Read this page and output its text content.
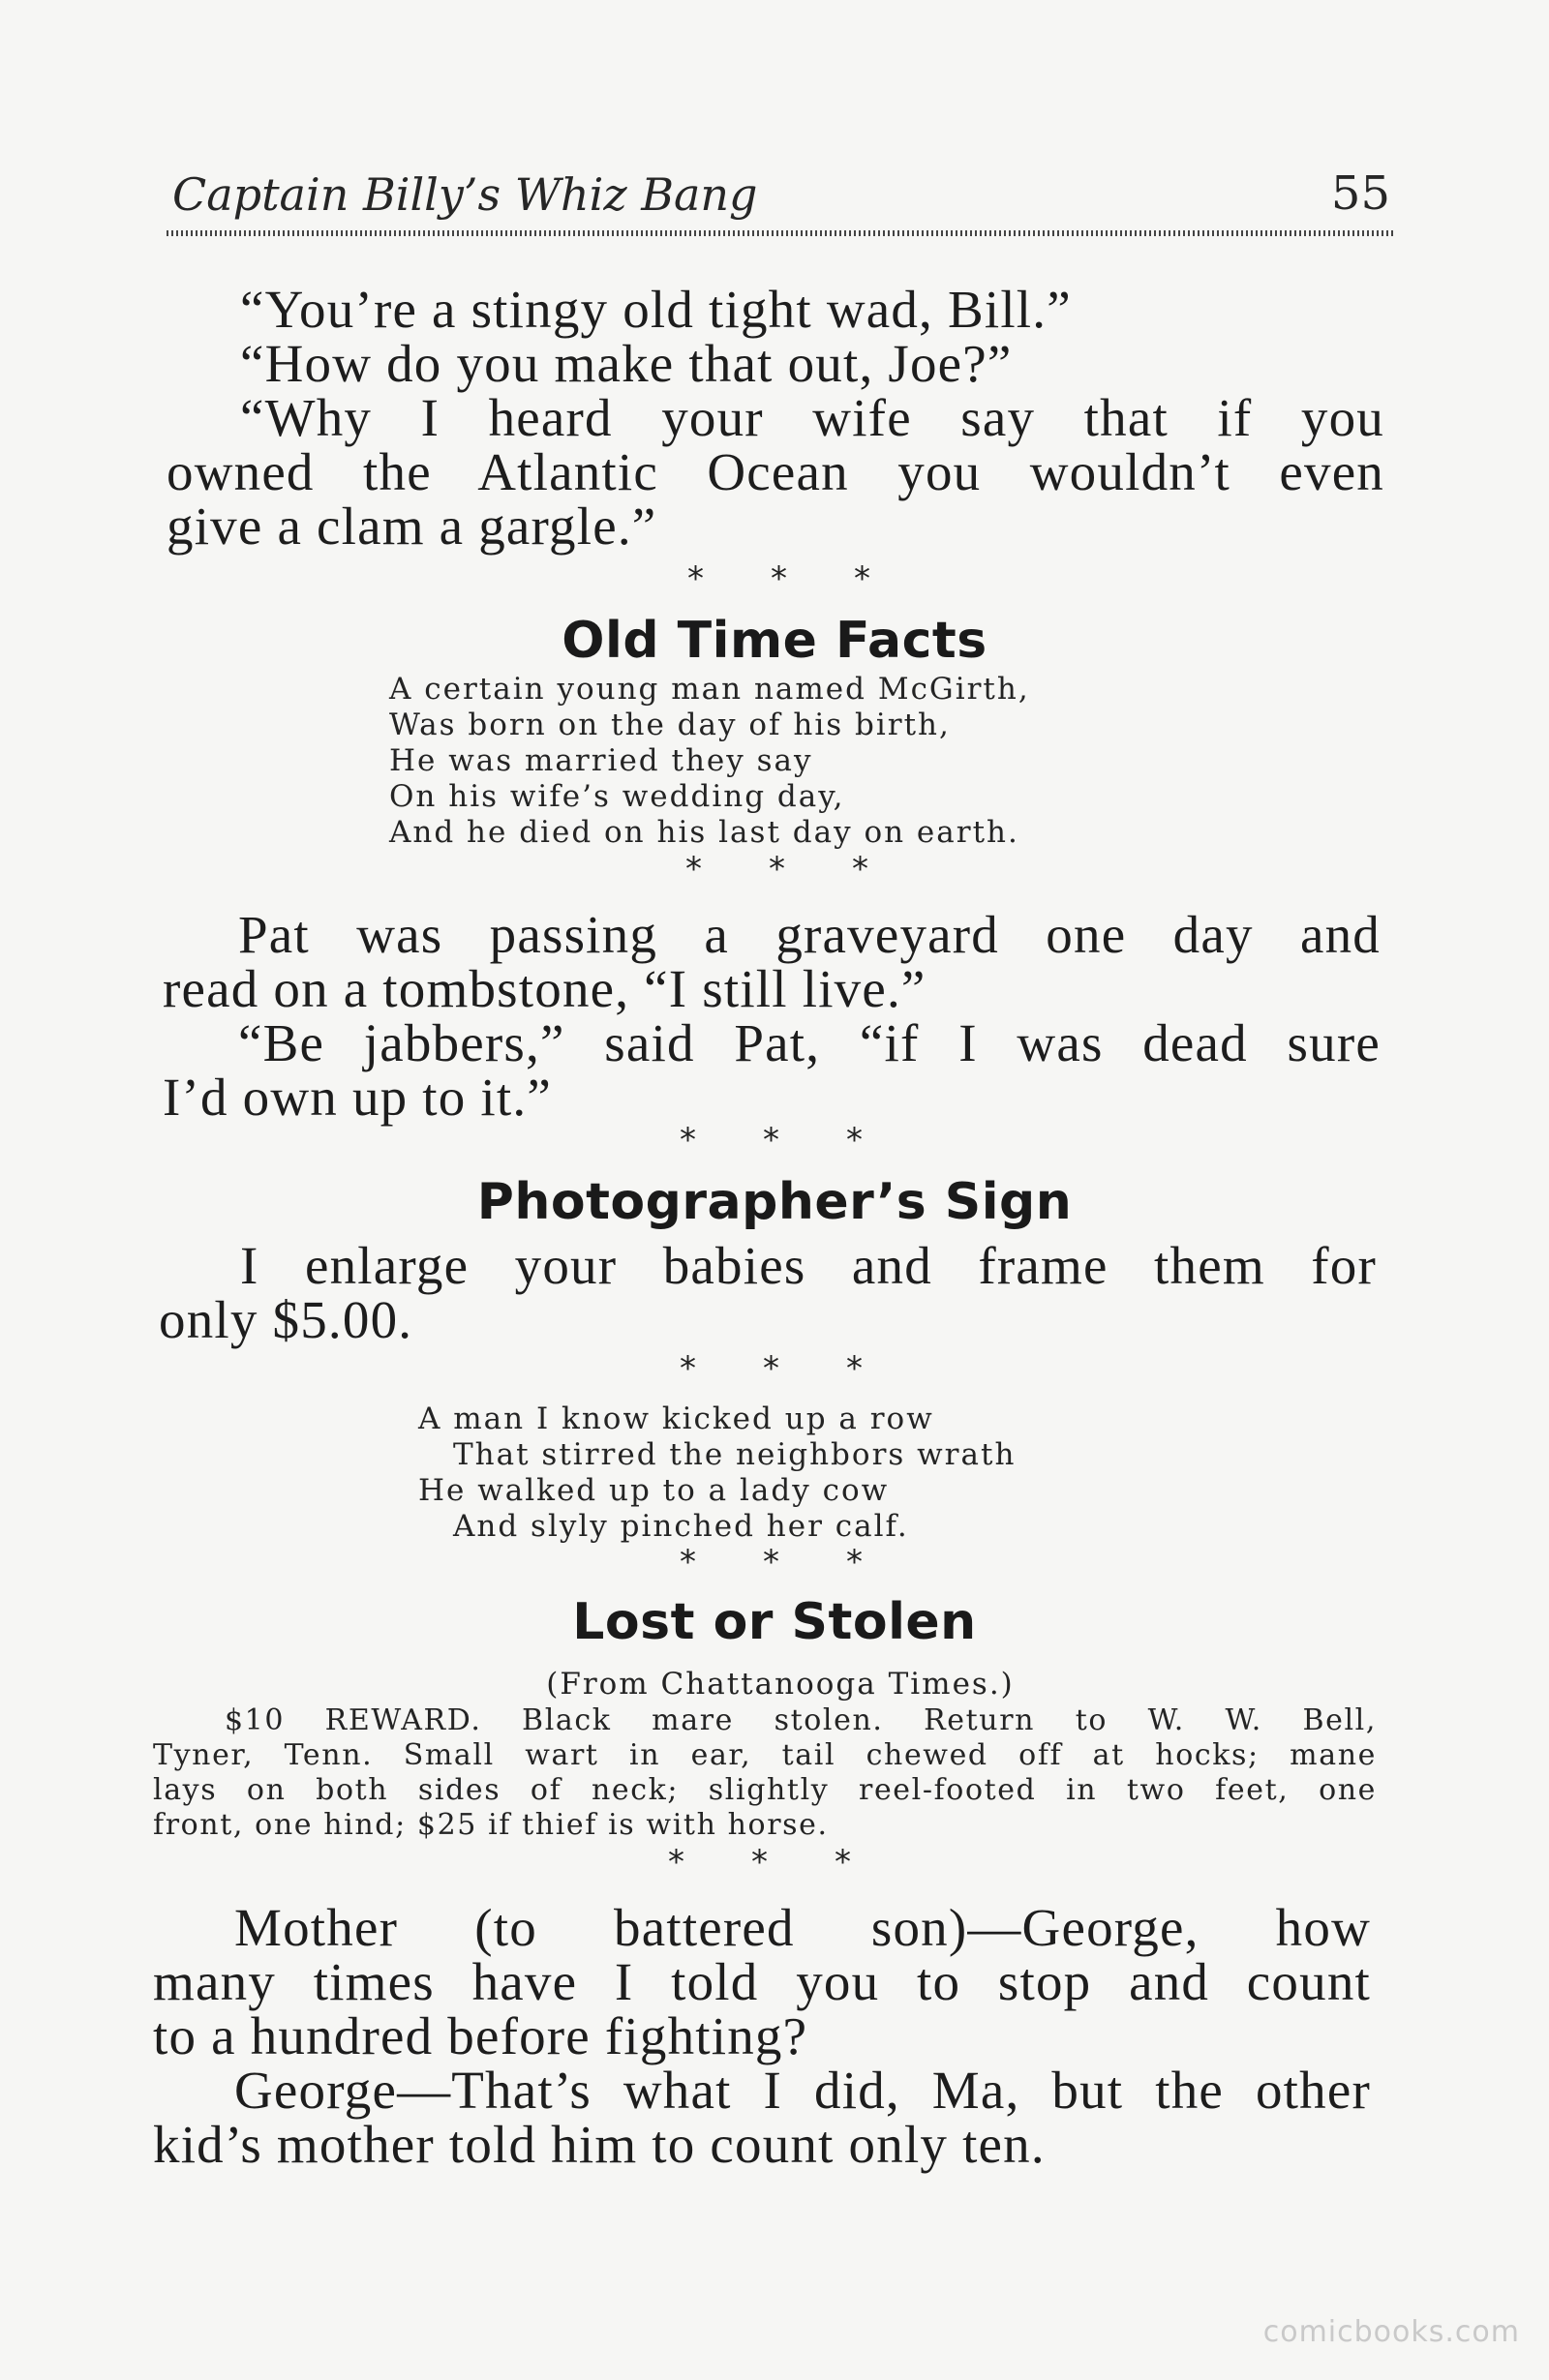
Captain Billy’s Whiz Bang	55
“You’re a stingy old tight wad, Bill.”
“How do you make that out, Joe?”
“Why I heard your wife say that if you
owned the Atlantic Ocean you wouldn’t even
give a clam a gargle.”
* * *
Old Time Facts
A certain young man named McGirth,
Was born on the day of his birth,
He was married they say
On his wife’s wedding day,
And he died on his last day on earth.
* * *
Pat was passing a graveyard one day and
read on a tombstone, “I still live.”
“Be jabbers,” said Pat, “if I was dead sure
I’d own up to it.”
* * *
Photographer’s Sign
I enlarge your babies and frame them for
only $5.00.
* * *
A man I know kicked up a row
That stirred the neighbors wrath
He walked up to a lady cow
And slyly pinched her calf.
* * *
Lost or Stolen
(From Chattanooga Times.)
$10 REWARD. Black mare stolen. Return to W. W. Bell,
Tyner, Tenn. Small wart in ear, tail chewed off at hocks; mane
lays on both sides of neck; slightly reel-footed in two feet, one
front, one hind; $25 if thief is with horse.
* * *
Mother (to battered son)—George, how
many times have I told you to stop and count
to a hundred before fighting?
George—That’s what I did, Ma, but the other
kid’s mother told him to count only ten.
comicbooks.com
